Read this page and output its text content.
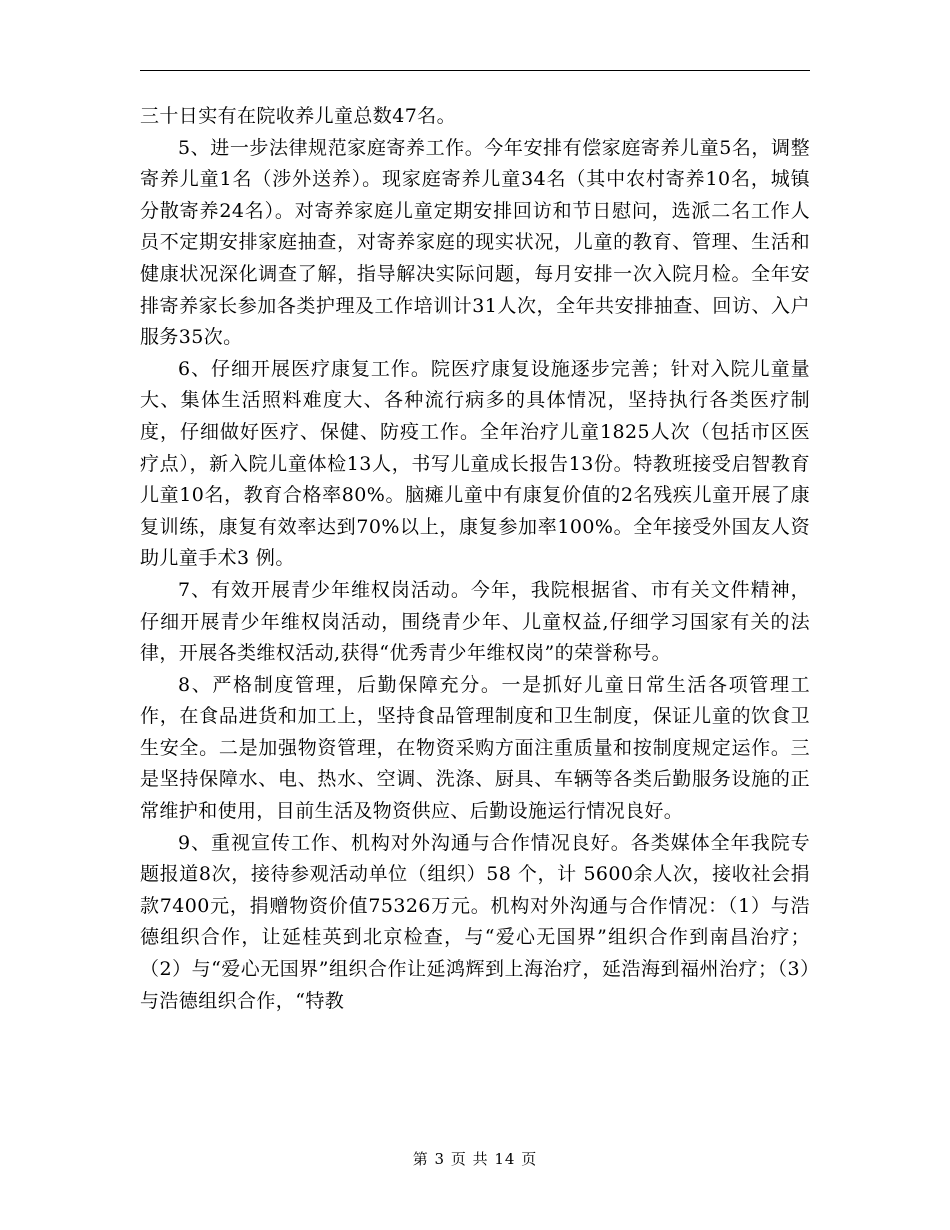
三十日实有在院收养儿童总数47名。

5、进一步法律规范家庭寄养工作。今年安排有偿家庭寄养儿童5名，调整寄养儿童1名（涉外送养）。现家庭寄养儿童34名（其中农村寄养10名，城镇分散寄养24名）。对寄养家庭儿童定期安排回访和节日慰问，选派二名工作人员不定期安排家庭抽查，对寄养家庭的现实状况，儿童的教育、管理、生活和健康状况深化调查了解，指导解决实际问题，每月安排一次入院月检。全年安排寄养家长参加各类护理及工作培训计31人次，全年共安排抽查、回访、入户服务35次。

6、仔细开展医疗康复工作。院医疗康复设施逐步完善；针对入院儿童量大、集体生活照料难度大、各种流行病多的具体情况，坚持执行各类医疗制度，仔细做好医疗、保健、防疫工作。全年治疗儿童1825人次（包括市区医疗点），新入院儿童体检13人，书写儿童成长报告13份。特教班接受启智教育儿童10名，教育合格率80%。脑瘫儿童中有康复价值的2名残疾儿童开展了康复训练，康复有效率达到70%以上，康复参加率100%。全年接受外国友人资助儿童手术3 例。

7、有效开展青少年维权岗活动。今年，我院根据省、市有关文件精神，仔细开展青少年维权岗活动，围绕青少年、儿童权益,仔细学习国家有关的法律，开展各类维权活动,获得“优秀青少年维权岗”的荣誉称号。

8、严格制度管理，后勤保障充分。一是抓好儿童日常生活各项管理工作，在食品进货和加工上，坚持食品管理制度和卫生制度，保证儿童的饮食卫生安全。二是加强物资管理，在物资采购方面注重质量和按制度规定运作。三是坚持保障水、电、热水、空调、洗涤、厨具、车辆等各类后勤服务设施的正常维护和使用，目前生活及物资供应、后勤设施运行情况良好。

9、重视宣传工作、机构对外沟通与合作情况良好。各类媒体全年我院专题报道8次，接待参观活动单位（组织）58 个，计 5600余人次，接收社会捐款7400元，捐赠物资价值75326万元。机构对外沟通与合作情况：（1）与浩德组织合作，让延桂英到北京检查，与“爱心无国界”组织合作到南昌治疗；（2）与“爱心无国界”组织合作让延鸿辉到上海治疗，延浩海到福州治疗；（3）与浩德组织合作，“特教

第 3 页 共 14 页
